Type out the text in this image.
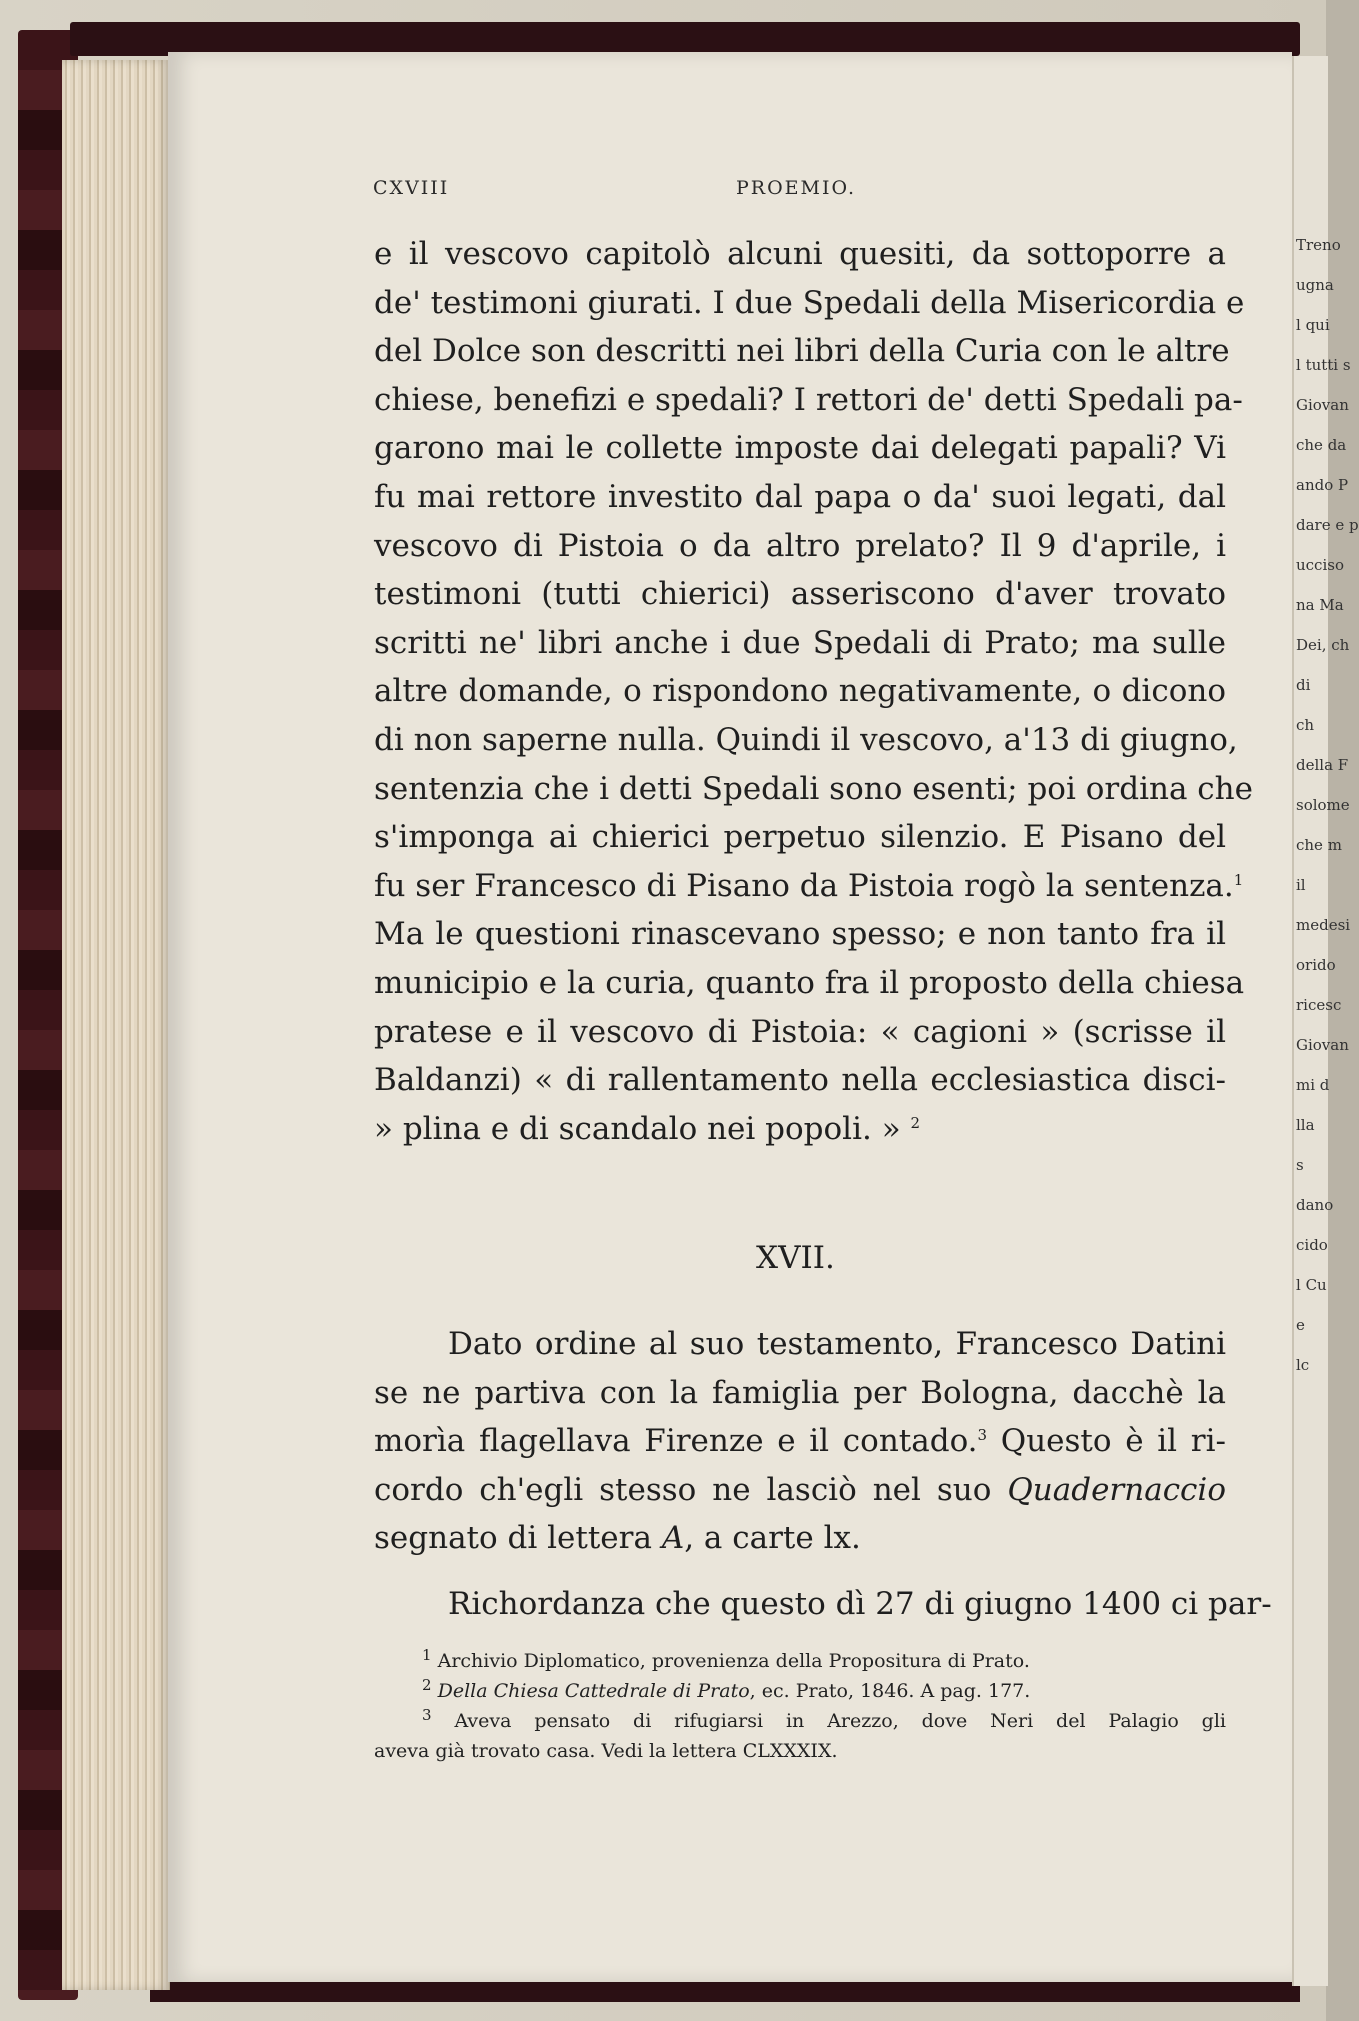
Treno
ugna
l qui
l tutti s
Giovan
che da
ando P
dare e p
ucciso
na Ma
Dei, ch
di
ch
della F
solome
che m
il
medesi
orido
ricesc
Giovan
mi d
lla
s
dano
cido
l Cu
e
lc
CXVIII	PROEMIO.
e il vescovo capitolò alcuni quesiti, da sottoporre a
de' testimoni giurati. I due Spedali della Misericordia e
del Dolce son descritti nei libri della Curia con le altre
chiese, benefizi e spedali? I rettori de' detti Spedali pa-
garono mai le collette imposte dai delegati papali? Vi
fu mai rettore investito dal papa o da' suoi legati, dal
vescovo di Pistoia o da altro prelato? Il 9 d'aprile, i
testimoni (tutti chierici) asseriscono d'aver trovato
scritti ne' libri anche i due Spedali di Prato; ma sulle
altre domande, o rispondono negativamente, o dicono
di non saperne nulla. Quindi il vescovo, a'13 di giugno,
sentenzia che i detti Spedali sono esenti; poi ordina che
s'imponga ai chierici perpetuo silenzio. E Pisano del
fu ser Francesco di Pisano da Pistoia rogò la sentenza.$^1$
Ma le questioni rinascevano spesso; e non tanto fra il
municipio e la curia, quanto fra il proposto della chiesa
pratese e il vescovo di Pistoia: « cagioni » (scrisse il
Baldanzi) « di rallentamento nella ecclesiastica disci-
» plina e di scandalo nei popoli. » $^2$
XVII.
Dato ordine al suo testamento, Francesco Datini
se ne partiva con la famiglia per Bologna, dacchè la
morìa flagellava Firenze e il contado.$^3$ Questo è il ri-
cordo ch'egli stesso ne lasciò nel suo Quadernaccio
segnato di lettera A, a carte lx.
Richordanza che questo dì 27 di giugno 1400 ci par-
$^1$ Archivio Diplomatico, provenienza della Propositura di Prato.
$^2$ Della Chiesa Cattedrale di Prato, ec. Prato, 1846. A pag. 177.
$^3$ Aveva pensato di rifugiarsi in Arezzo, dove Neri del Palagio gli
aveva già trovato casa. Vedi la lettera CLXXXIX.
